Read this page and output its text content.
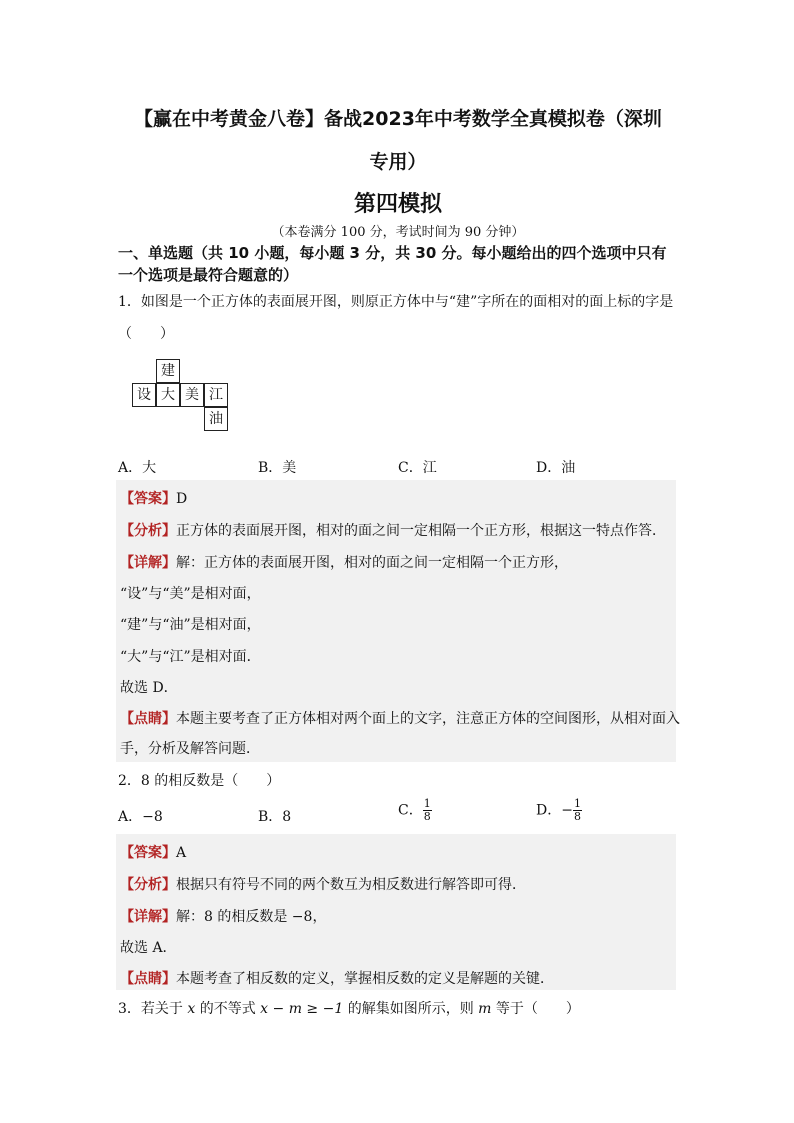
【赢在中考黄金八卷】备战2023年中考数学全真模拟卷（深圳
专用）
第四模拟
（本卷满分 100 分，考试时间为 90 分钟）
一、单选题（共 10 小题，每小题 3 分，共 30 分。每小题给出的四个选项中只有
一个选项是最符合题意的）
1．如图是一个正方体的表面展开图，则原正方体中与“建”字所在的面相对的面上标的字是
（　　）
建
设 大 美 江
油
A．大	B．美	C．江	D．油
【答案】D
【分析】正方体的表面展开图，相对的面之间一定相隔一个正方形，根据这一特点作答．
【详解】解：正方体的表面展开图，相对的面之间一定相隔一个正方形，
“设”与“美”是相对面，
“建”与“油”是相对面，
“大”与“江”是相对面．
故选 D．
【点睛】本题主要考查了正方体相对两个面上的文字，注意正方体的空间图形，从相对面入
手，分析及解答问题．
2．8 的相反数是（　　）
A．−8	B．8	C． $\frac{1}{8}$	D．− $\frac{1}{8}$
【答案】A
【分析】根据只有符号不同的两个数互为相反数进行解答即可得．
【详解】解：8 的相反数是 −8，
故选 A．
【点睛】本题考查了相反数的定义，掌握相反数的定义是解题的关键．
3．若关于 x 的不等式 x − m ≥ −1 的解集如图所示，则 m 等于（　　）
